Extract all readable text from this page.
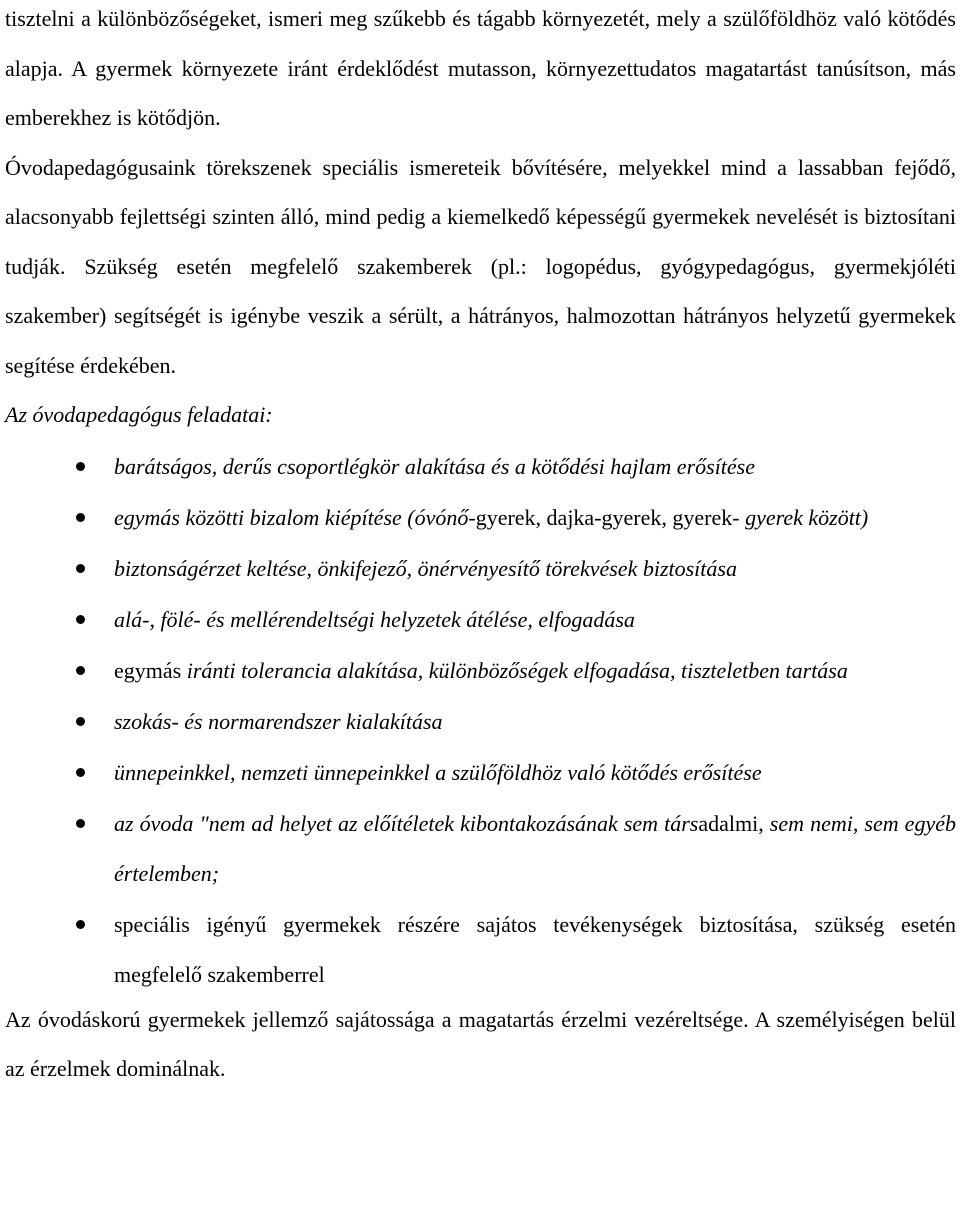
tisztelni a különbözőségeket, ismeri meg szűkebb és tágabb környezetét, mely a szülőföldhöz való kötődés alapja. A gyermek környezete iránt érdeklődést mutasson, környezettudatos magatartást tanúsítson, más emberekhez is kötődjön.

Óvodapedagógusaink törekszenek speciális ismereteik bővítésére, melyekkel mind a lassabban fejődő, alacsonyabb fejlettségi szinten álló, mind pedig a kiemelkedő képességű gyermekek nevelését is biztosítani tudják. Szükség esetén megfelelő szakemberek (pl.: logopédus, gyógypedagógus, gyermekjóléti szakember) segítségét is igénybe veszik a sérült, a hátrányos, halmozottan hátrányos helyzetű gyermekek segítése érdekében.

Az óvodapedagógus feladatai:

barátságos, derűs csoportlégkör alakítása és a kötődési hajlam erősítése
egymás közötti bizalom kiépítése (óvónő-gyerek, dajka-gyerek, gyerek- gyerek között)
biztonságérzet keltése, önkifejező, önérvényesítő törekvések biztosítása
alá-, fölé- és mellérendeltségi helyzetek átélése, elfogadása
egymás iránti tolerancia alakítása, különbözőségek elfogadása, tiszteletben tartása
szokás- és normarendszer kialakítása
ünnepeinkkel, nemzeti ünnepeinkkel a szülőföldhöz való kötődés erősítése
az óvoda "nem ad helyet az előítéletek kibontakozásának sem társadalmi, sem nemi, sem egyéb értelemben;
speciális igényű gyermekek részére sajátos tevékenységek biztosítása, szükség esetén megfelelő szakemberrel

Az óvodáskorú gyermekek jellemző sajátossága a magatartás érzelmi vezéreltsége. A személyiségen belül az érzelmek dominálnak.
